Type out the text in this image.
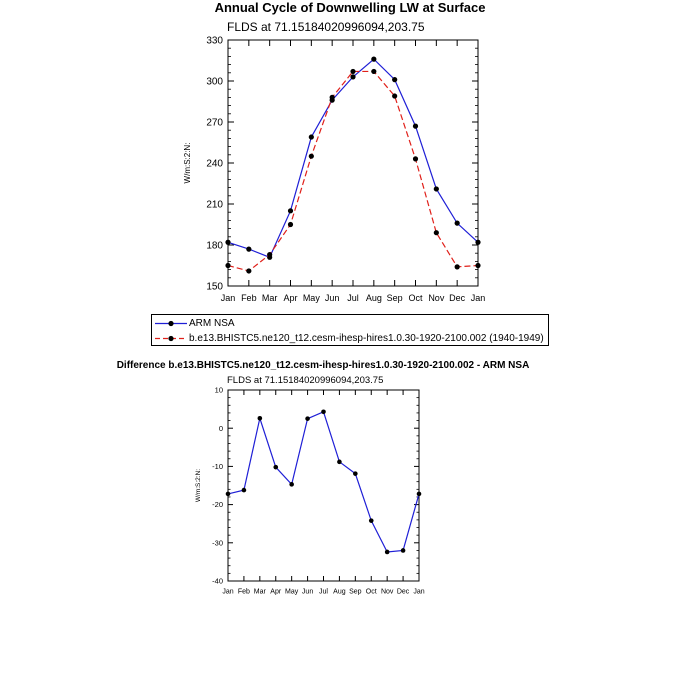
Annual Cycle of Downwelling LW at Surface
FLDS at 71.15184020996094,203.75
150
180
210
240
270
300
330
Jan Feb Mar Apr May Jun Jul Aug Sep Oct Nov Dec Jan
W/m:S:2:N:
ARM NSA
b.e13.BHISTC5.ne120_t12.cesm-ihesp-hires1.0.30-1920-2100.002 (1940-1949)
Difference b.e13.BHISTC5.ne120_t12.cesm-ihesp-hires1.0.30-1920-2100.002 - ARM NSA
FLDS at 71.15184020996094,203.75
-40
-30
-20
-10
0
10
Jan Feb Mar Apr May Jun Jul Aug Sep Oct Nov Dec Jan
W/m:S:2:N:
